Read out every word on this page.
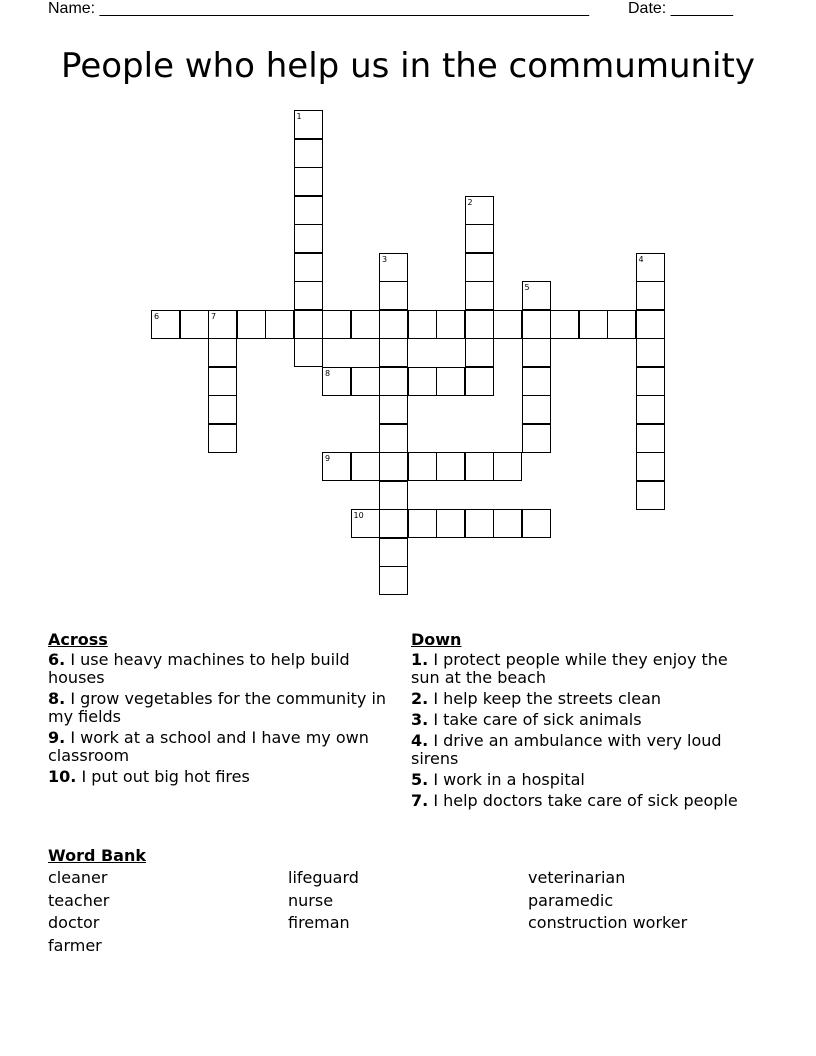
Name: _______________________________________________________ Date: _______
People who help us in the commumunity
1
2
3	4
5
6	7
8
9
10
Across
6. I use heavy machines to help build houses
8. I grow vegetables for the community in my fields
9. I work at a school and I have my own classroom
10. I put out big hot fires
Down
1. I protect people while they enjoy the sun at the beach
2. I help keep the streets clean
3. I take care of sick animals
4. I drive an ambulance with very loud sirens
5. I work in a hospital
7. I help doctors take care of sick people
Word Bank
cleaner	lifeguard	veterinarian
teacher	nurse	paramedic
doctor	fireman	construction worker
farmer
